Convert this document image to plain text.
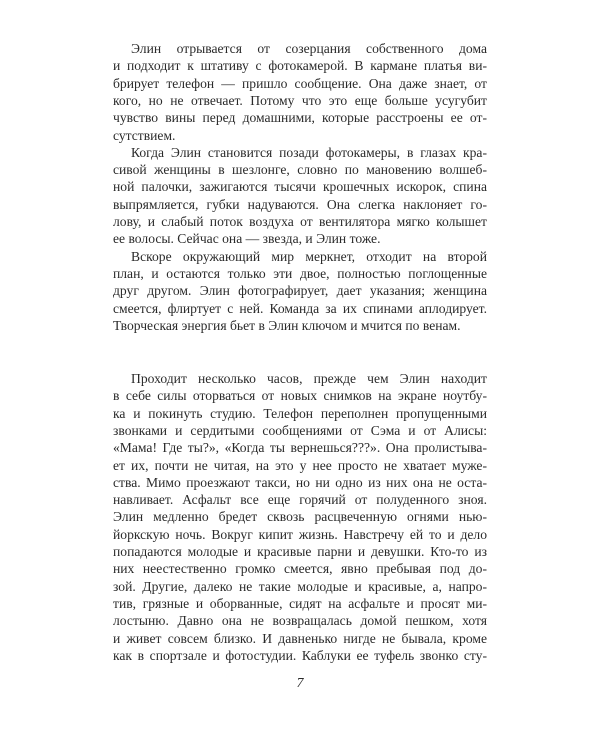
Элин отрывается от созерцания собственного дома
и подходит к штативу с фотокамерой. В кармане платья ви-
брирует телефон — пришло сообщение. Она даже знает, от
кого, но не отвечает. Потому что это еще больше усугубит
чувство вины перед домашними, которые расстроены ее от-
сутствием.
Когда Элин становится позади фотокамеры, в глазах кра-
сивой женщины в шезлонге, словно по мановению волшеб-
ной палочки, зажигаются тысячи крошечных искорок, спина
выпрямляется, губки надуваются. Она слегка наклоняет го-
лову, и слабый поток воздуха от вентилятора мягко колышет
ее волосы. Сейчас она — звезда, и Элин тоже.
Вскоре окружающий мир меркнет, отходит на второй
план, и остаются только эти двое, полностью поглощенные
друг другом. Элин фотографирует, дает указания; женщина
смеется, флиртует с ней. Команда за их спинами аплодирует.
Творческая энергия бьет в Элин ключом и мчится по венам.
Проходит несколько часов, прежде чем Элин находит
в себе силы оторваться от новых снимков на экране ноутбу-
ка и покинуть студию. Телефон переполнен пропущенными
звонками и сердитыми сообщениями от Сэма и от Алисы:
«Мама! Где ты?», «Когда ты вернешься???». Она пролистыва-
ет их, почти не читая, на это у нее просто не хватает муже-
ства. Мимо проезжают такси, но ни одно из них она не оста-
навливает. Асфальт все еще горячий от полуденного зноя.
Элин медленно бредет сквозь расцвеченную огнями нью-
йоркскую ночь. Вокруг кипит жизнь. Навстречу ей то и дело
попадаются молодые и красивые парни и девушки. Кто-то из
них неестественно громко смеется, явно пребывая под до-
зой. Другие, далеко не такие молодые и красивые, а, напро-
тив, грязные и оборванные, сидят на асфальте и просят ми-
лостыню. Давно она не возвращалась домой пешком, хотя
и живет совсем близко. И давненько нигде не бывала, кроме
как в спортзале и фотостудии. Каблуки ее туфель звонко сту-
7
